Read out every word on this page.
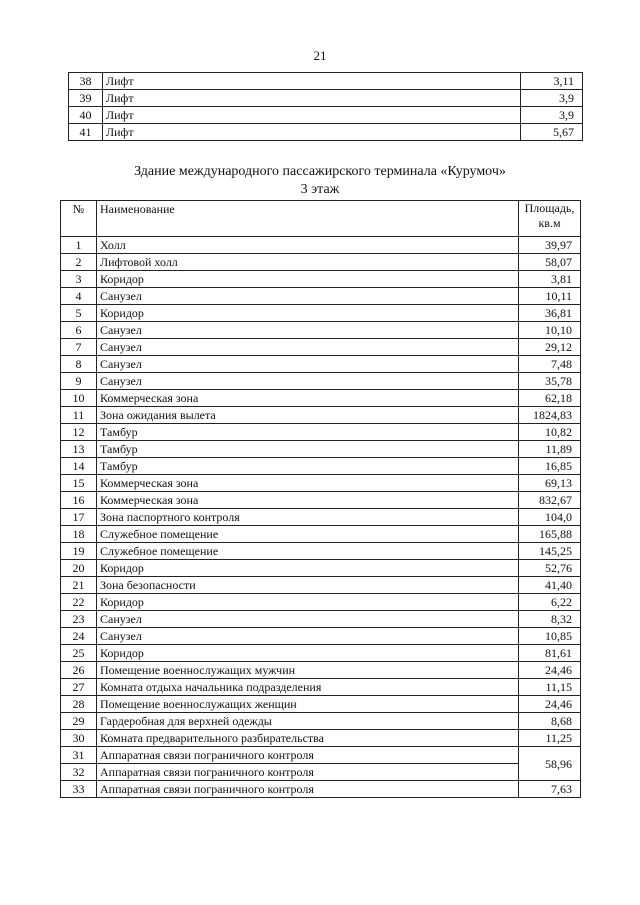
21
38	Лифт	3,11
39	Лифт	3,9
40	Лифт	3,9
41	Лифт	5,67
Здание международного пассажирского терминала «Курумоч»
3 этаж
№	Наименование	Площадь, кв.м
1	Холл	39,97
2	Лифтовой холл	58,07
3	Коридор	3,81
4	Санузел	10,11
5	Коридор	36,81
6	Санузел	10,10
7	Санузел	29,12
8	Санузел	7,48
9	Санузел	35,78
10	Коммерческая зона	62,18
11	Зона ожидания вылета	1824,83
12	Тамбур	10,82
13	Тамбур	11,89
14	Тамбур	16,85
15	Коммерческая зона	69,13
16	Коммерческая зона	832,67
17	Зона паспортного контроля	104,0
18	Служебное помещение	165,88
19	Служебное помещение	145,25
20	Коридор	52,76
21	Зона безопасности	41,40
22	Коридор	6,22
23	Санузел	8,32
24	Санузел	10,85
25	Коридор	81,61
26	Помещение военнослужащих мужчин	24,46
27	Комната отдыха начальника подразделения	11,15
28	Помещение военнослужащих женщин	24,46
29	Гардеробная для верхней одежды	8,68
30	Комната предварительного разбирательства	11,25
31	Аппаратная связи пограничного контроля	58,96
32	Аппаратная связи пограничного контроля	
33	Аппаратная связи пограничного контроля	7,63
